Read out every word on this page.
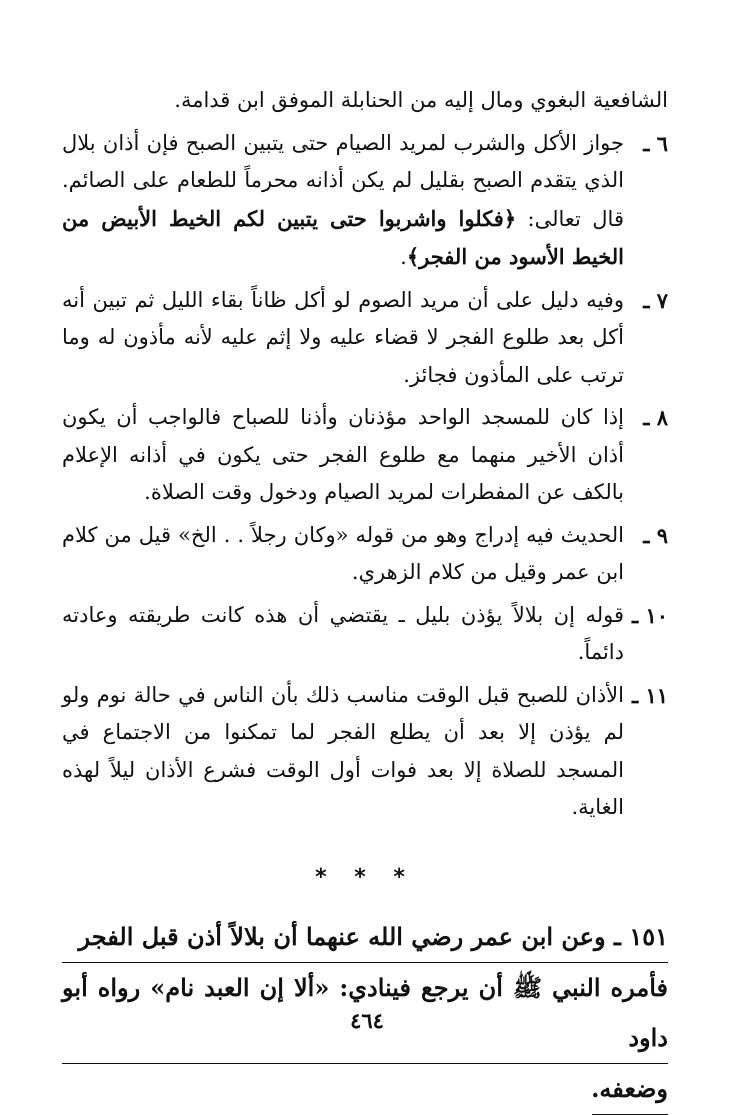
الشافعية البغوي ومال إليه من الحنابلة الموفق ابن قدامة.

٦ ـ
جواز الأكل والشرب لمريد الصيام حتى يتبين الصبح فإن أذان بلال الذي يتقدم الصبح بقليل لم يكن أذانه محرماً للطعام على الصائم. قال تعالى: ﴿فكلوا واشربوا حتى يتبين لكم الخيط الأبيض من الخيط الأسود من الفجر﴾.
٧ ـ
وفيه دليل على أن مريد الصوم لو أكل ظاناً بقاء الليل ثم تبين أنه أكل بعد طلوع الفجر لا قضاء عليه ولا إثم عليه لأنه مأذون له وما ترتب على المأذون فجائز.
٨ ـ
إذا كان للمسجد الواحد مؤذنان وأذنا للصباح فالواجب أن يكون أذان الأخير منهما مع طلوع الفجر حتى يكون في أذانه الإعلام بالكف عن المفطرات لمريد الصيام ودخول وقت الصلاة.
٩ ـ
الحديث فيه إدراج وهو من قوله «وكان رجلاً . . الخ» قيل من كلام ابن عمر وقيل من كلام الزهري.
١٠ ـ
قوله إن بلالاً يؤذن بليل ـ يقتضي أن هذه كانت طريقته وعادته دائماً.
١١ ـ
الأذان للصبح قبل الوقت مناسب ذلك بأن الناس في حالة نوم ولو لم يؤذن إلا بعد أن يطلع الفجر لما تمكنوا من الاجتماع في المسجد للصلاة إلا بعد فوات أول الوقت فشرع الأذان ليلاً لهذه الغاية.
* * *
١٥١ ـ وعن ابن عمر رضي الله عنهما أن بلالاً أذن قبل الفجر
فأمره النبي ﷺ أن يرجع فينادي: «ألا إن العبد نام» رواه أبو داود
وضعفه.
٤٦٤
